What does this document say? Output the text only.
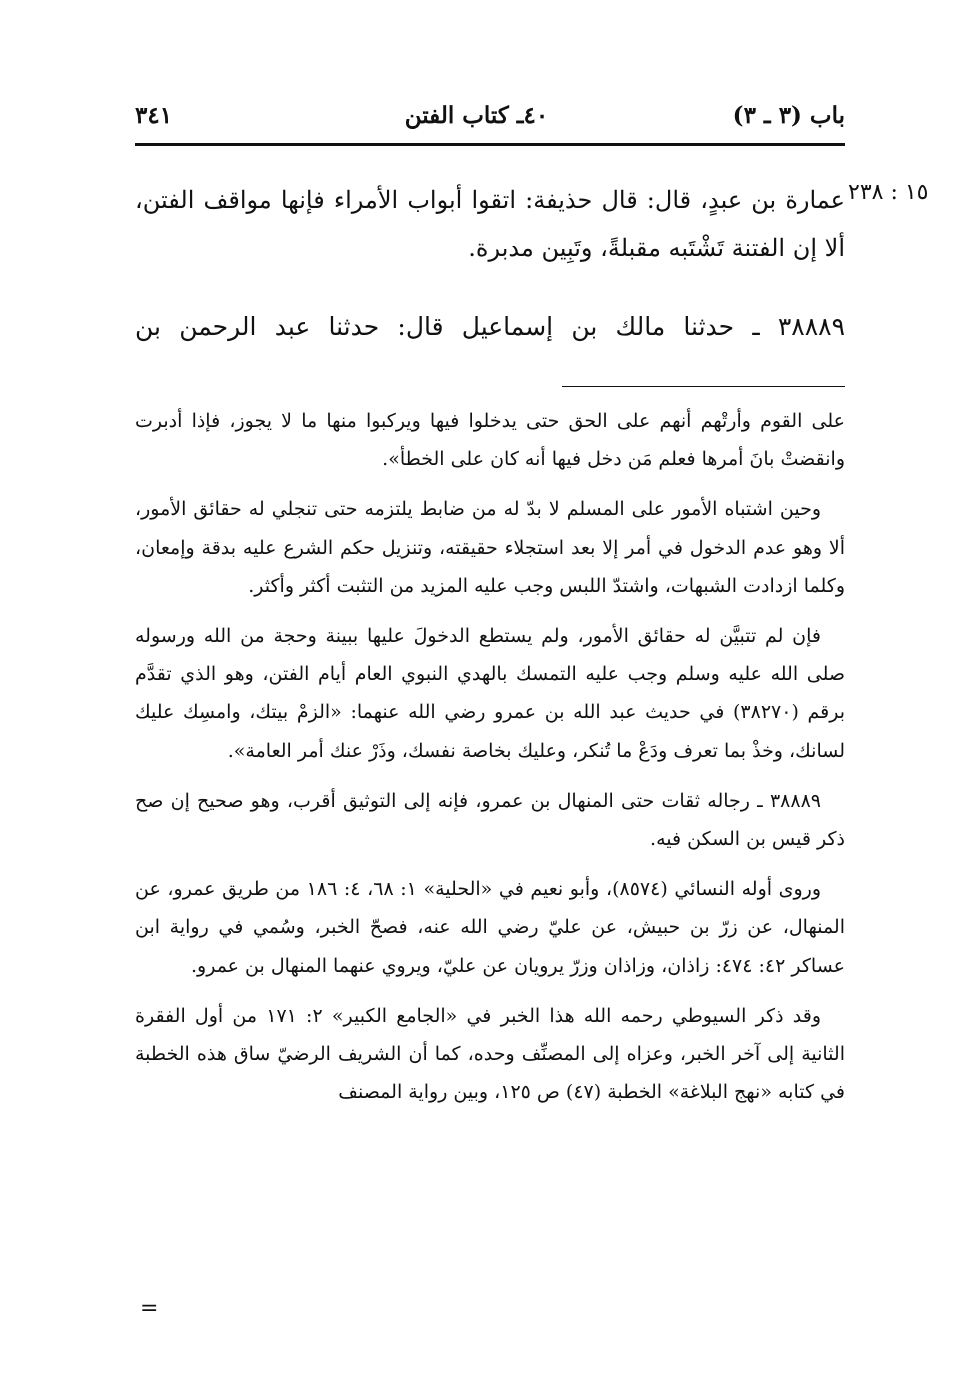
باب (٣ ـ ٣)
٤٠ـ كتاب الفتن
٣٤١
١٥ : ٢٣٨
عمارة بن عبدٍ، قال: قال حذيفة: اتقوا أبواب الأمراء فإنها مواقف الفتن،
ألا إن الفتنة تَشْتَبه مقبلةً، وتَبِين مدبرة.
٣٨٨٨٩ ـ حدثنا مالك بن إسماعيل قال: حدثنا عبد الرحمن بن

على القوم وأرتْهم أنهم على الحق حتى يدخلوا فيها ويركبوا منها ما لا يجوز، فإذا أدبرت وانقضتْ بانَ أمرها فعلم مَن دخل فيها أنه كان على الخطأ».

وحين اشتباه الأمور على المسلم لا بدّ له من ضابط يلتزمه حتى تنجلي له حقائق الأمور، ألا وهو عدم الدخول في أمر إلا بعد استجلاء حقيقته، وتنزيل حكم الشرع عليه بدقة وإمعان، وكلما ازدادت الشبهات، واشتدّ اللبس وجب عليه المزيد من التثبت أكثر وأكثر.

فإن لم تتبيَّن له حقائق الأمور، ولم يستطع الدخولَ عليها ببينة وحجة من الله ورسوله صلى الله عليه وسلم وجب عليه التمسك بالهدي النبوي العام أيام الفتن، وهو الذي تقدَّم برقم (٣٨٢٧٠) في حديث عبد الله بن عمرو رضي الله عنهما: «الزمْ بيتك، وامسِك عليك لسانك، وخذْ بما تعرف ودَعْ ما تُنكر، وعليك بخاصة نفسك، وذَرْ عنك أمر العامة».

٣٨٨٨٩ ـ رجاله ثقات حتى المنهال بن عمرو، فإنه إلى التوثيق أقرب، وهو صحيح إن صح ذكر قيس بن السكن فيه.

وروى أوله النسائي (٨٥٧٤)، وأبو نعيم في «الحلية» ١: ٦٨، ٤: ١٨٦ من طريق عمرو، عن المنهال، عن زرّ بن حبيش، عن عليّ رضي الله عنه، فصحّ الخبر، وسُمي في رواية ابن عساكر ٤٢: ٤٧٤: زاذان، وزاذان وزرّ يرويان عن عليّ، ويروي عنهما المنهال بن عمرو.

وقد ذكر السيوطي رحمه الله هذا الخبر في «الجامع الكبير» ٢: ١٧١ من أول الفقرة الثانية إلى آخر الخبر، وعزاه إلى المصنِّف وحده، كما أن الشريف الرضيّ ساق هذه الخطبة في كتابه «نهج البلاغة» الخطبة (٤٧) ص ١٢٥، وبين رواية المصنف

=
